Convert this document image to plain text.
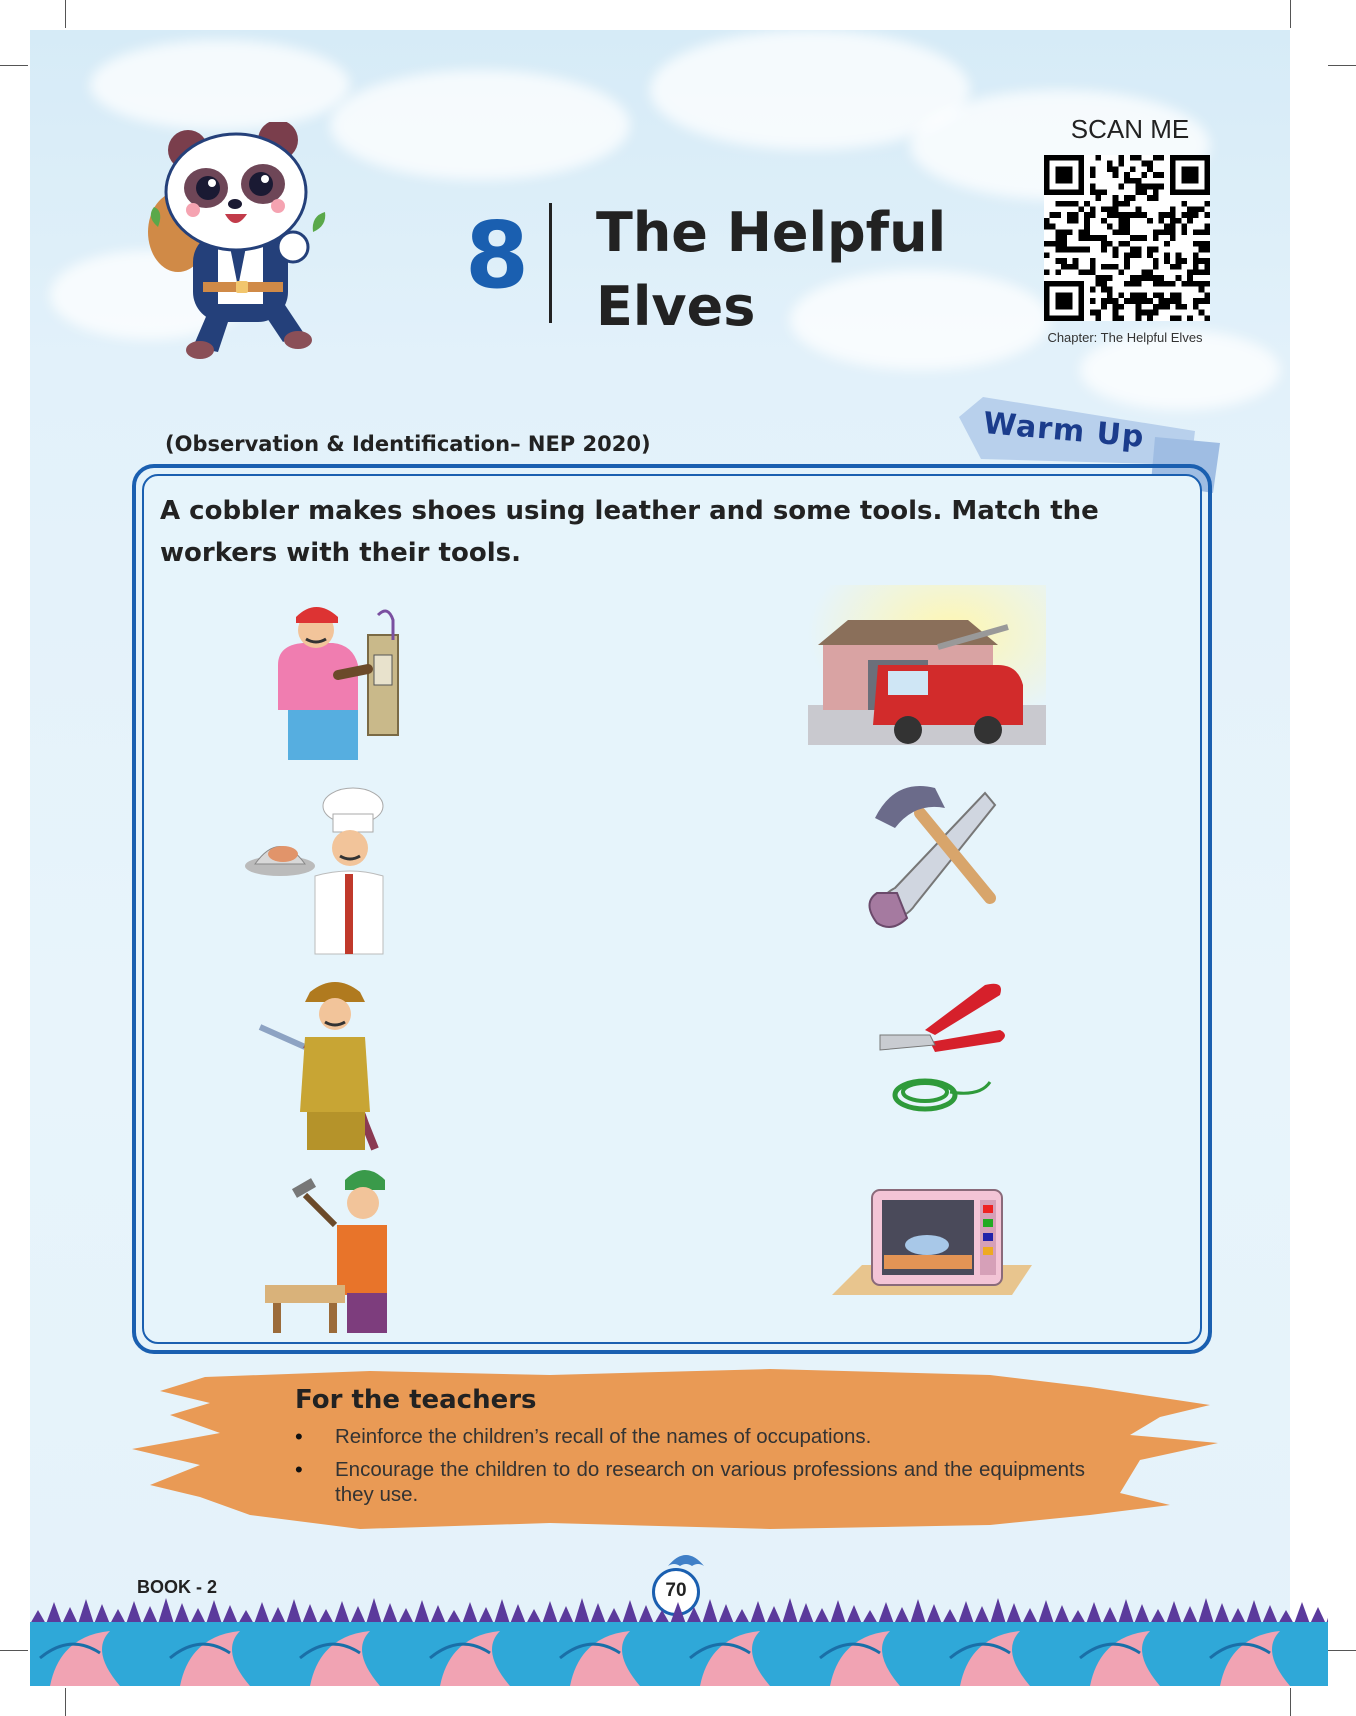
8 The Helpful
Elves
SCAN ME
Chapter: The Helpful Elves
(Observation & Identification– NEP 2020)	Warm Up
A cobbler makes shoes using leather and some tools. Match the workers with their tools.
For the teachers
• Reinforce the children’s recall of the names of occupations.
• Encourage the children to do research on various professions and the equipments they use.
BOOK - 2	70
